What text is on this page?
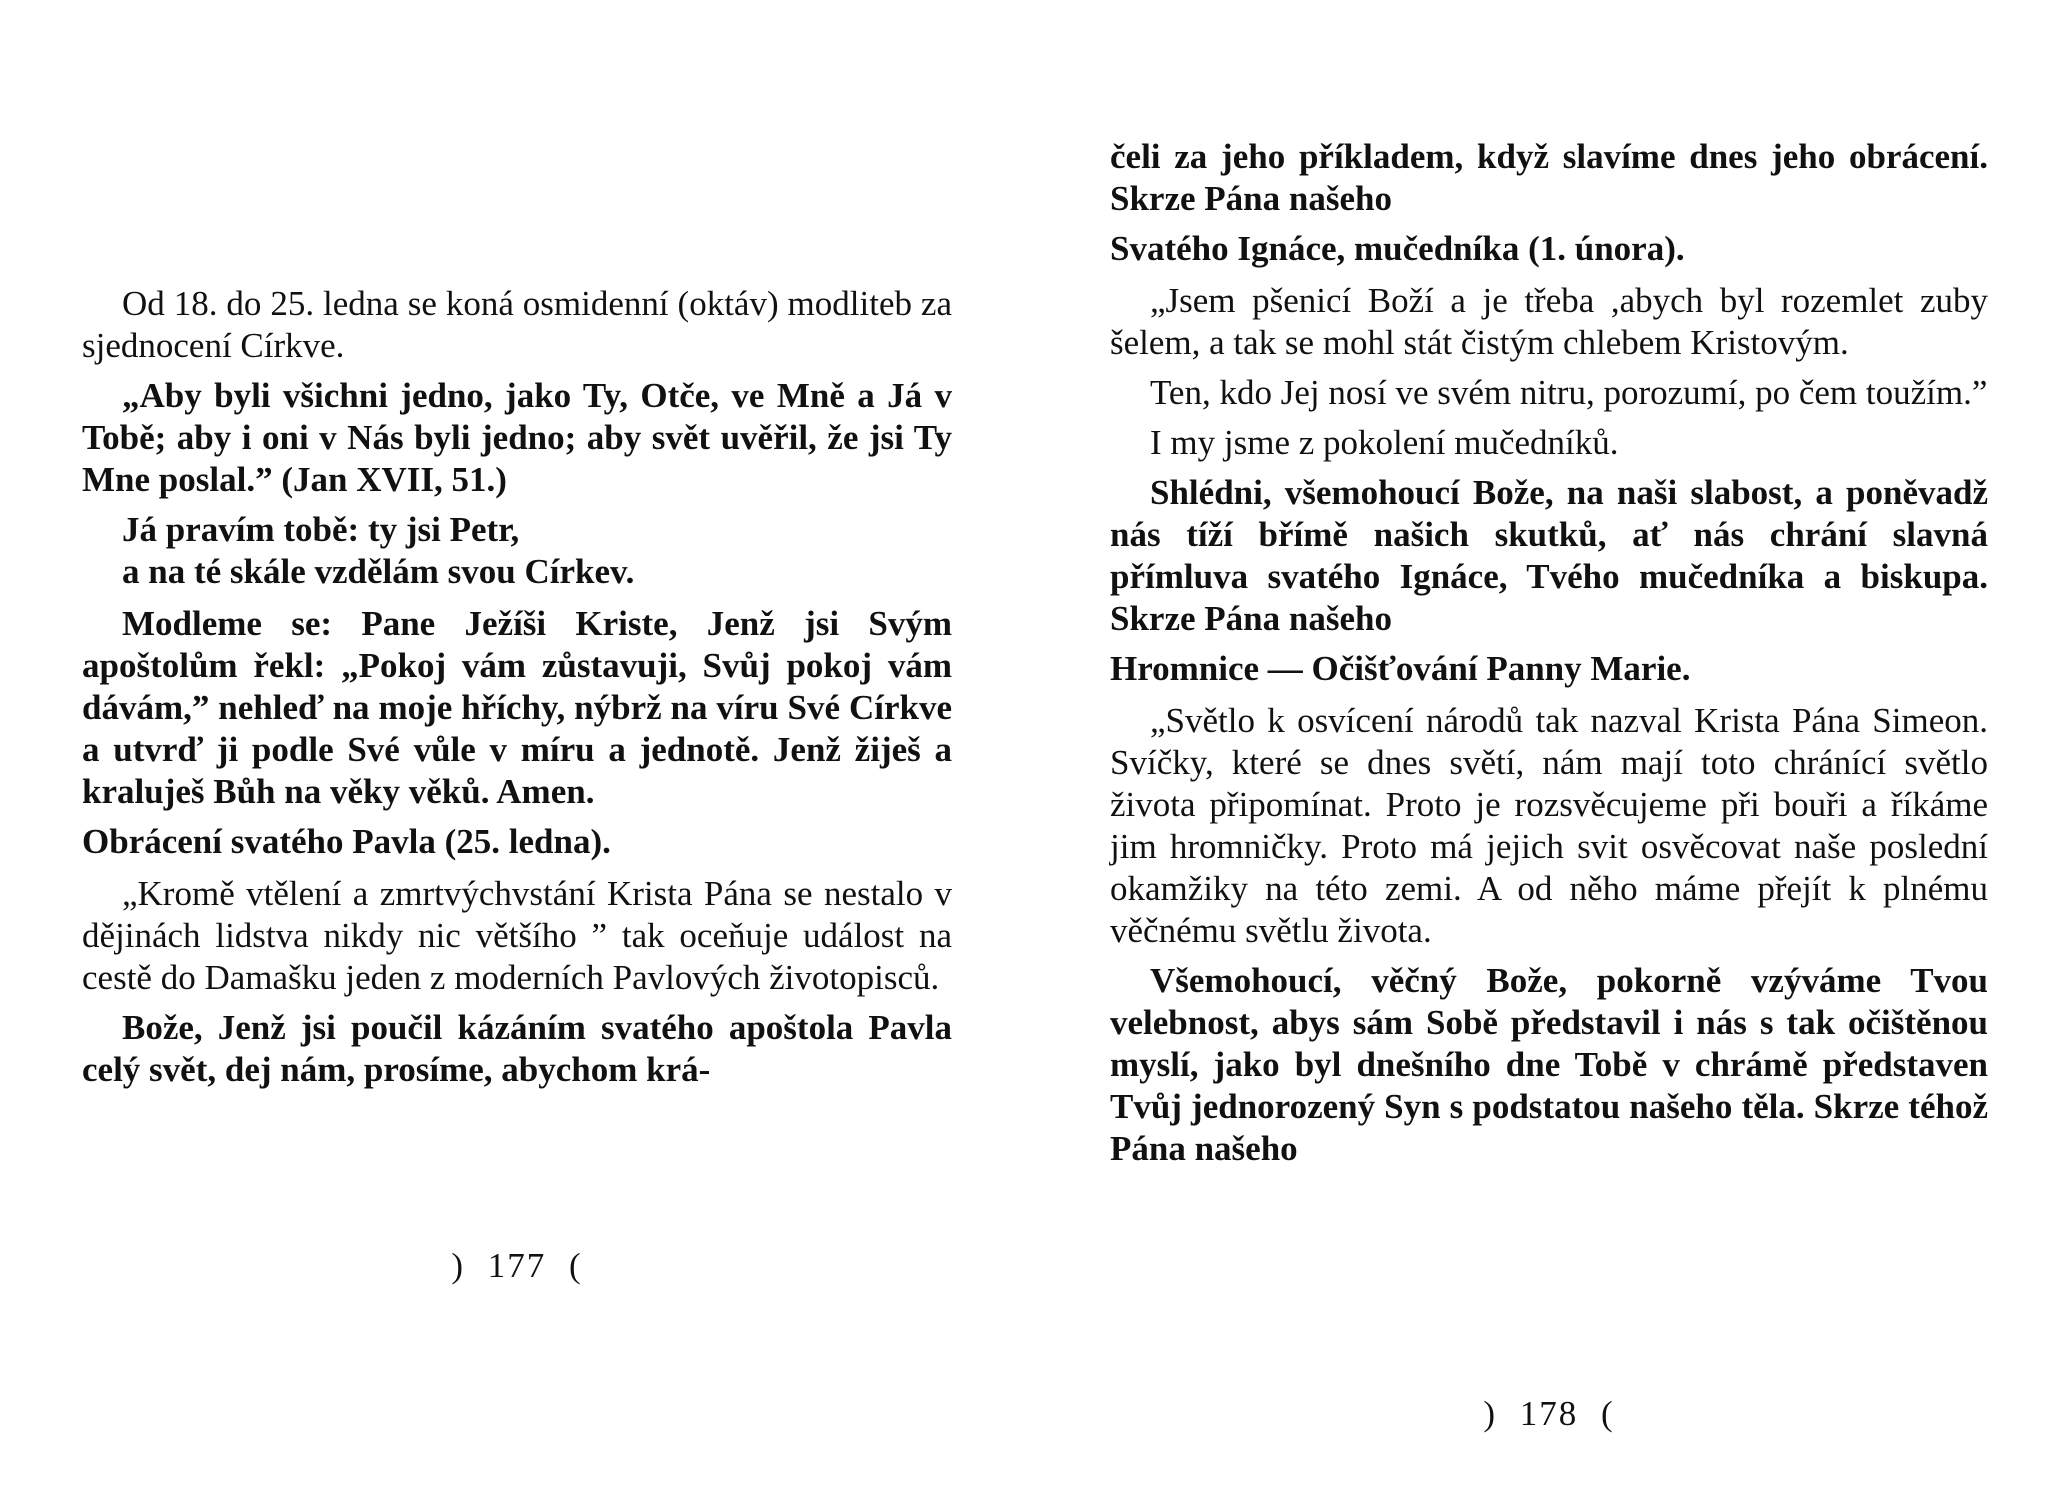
Od 18. do 25. ledna se koná osmidenní (oktáv) modliteb za sjednocení Církve.

„Aby byli všichni jedno, jako Ty, Otče, ve Mně a Já v Tobě; aby i oni v Nás byli jedno; aby svět uvěřil, že jsi Ty Mne poslal.” (Jan XVII, 51.)

Já pravím tobě: ty jsi Petr,
a na té skále vzdělám svou Církev.

Modleme se: Pane Ježíši Kriste, Jenž jsi Svým apoštolům řekl: „Pokoj vám zůstavuji, Svůj pokoj vám dávám,” nehleď na moje hříchy, nýbrž na víru Své Církve a utvrď ji podle Své vůle v míru a jednotě. Jenž žiješ a kraluješ Bůh na věky věků. Amen.

Obrácení svatého Pavla (25. ledna).

„Kromě vtělení a zmrtvýchvstání Krista Pána se nestalo v dějinách lidstva nikdy nic většího ” tak oceňuje událost na cestě do Damašku jeden z moderních Pavlových životopisců.

Bože, Jenž jsi poučil kázáním svatého apoštola Pavla celý svět, dej nám, prosíme, abychom krá-

) 177 (

čeli za jeho příkladem, když slavíme dnes jeho obrácení. Skrze Pána našeho

Svatého Ignáce, mučedníka (1. února).

„Jsem pšenicí Boží a je třeba ,abych byl rozemlet zuby šelem, a tak se mohl stát čistým chlebem Kristovým.

Ten, kdo Jej nosí ve svém nitru, porozumí, po čem toužím.”

I my jsme z pokolení mučedníků.

Shlédni, všemohoucí Bože, na naši slabost, a poněvadž nás tíží břímě našich skutků, ať nás chrání slavná přímluva svatého Ignáce, Tvého mučedníka a biskupa. Skrze Pána našeho

Hromnice — Očišťování Panny Marie.

„Světlo k osvícení národů tak nazval Krista Pána Simeon. Svíčky, které se dnes světí, nám mají toto chránící světlo života připomínat. Proto je rozsvěcujeme při bouři a říkáme jim hromničky. Proto má jejich svit osvěcovat naše poslední okamžiky na této zemi. A od něho máme přejít k plnému věčnému světlu života.

Všemohoucí, věčný Bože, pokorně vzýváme Tvou velebnost, abys sám Sobě představil i nás s tak očištěnou myslí, jako byl dnešního dne Tobě v chrámě představen Tvůj jednorozený Syn s podstatou našeho těla. Skrze téhož Pána našeho

) 178 (
